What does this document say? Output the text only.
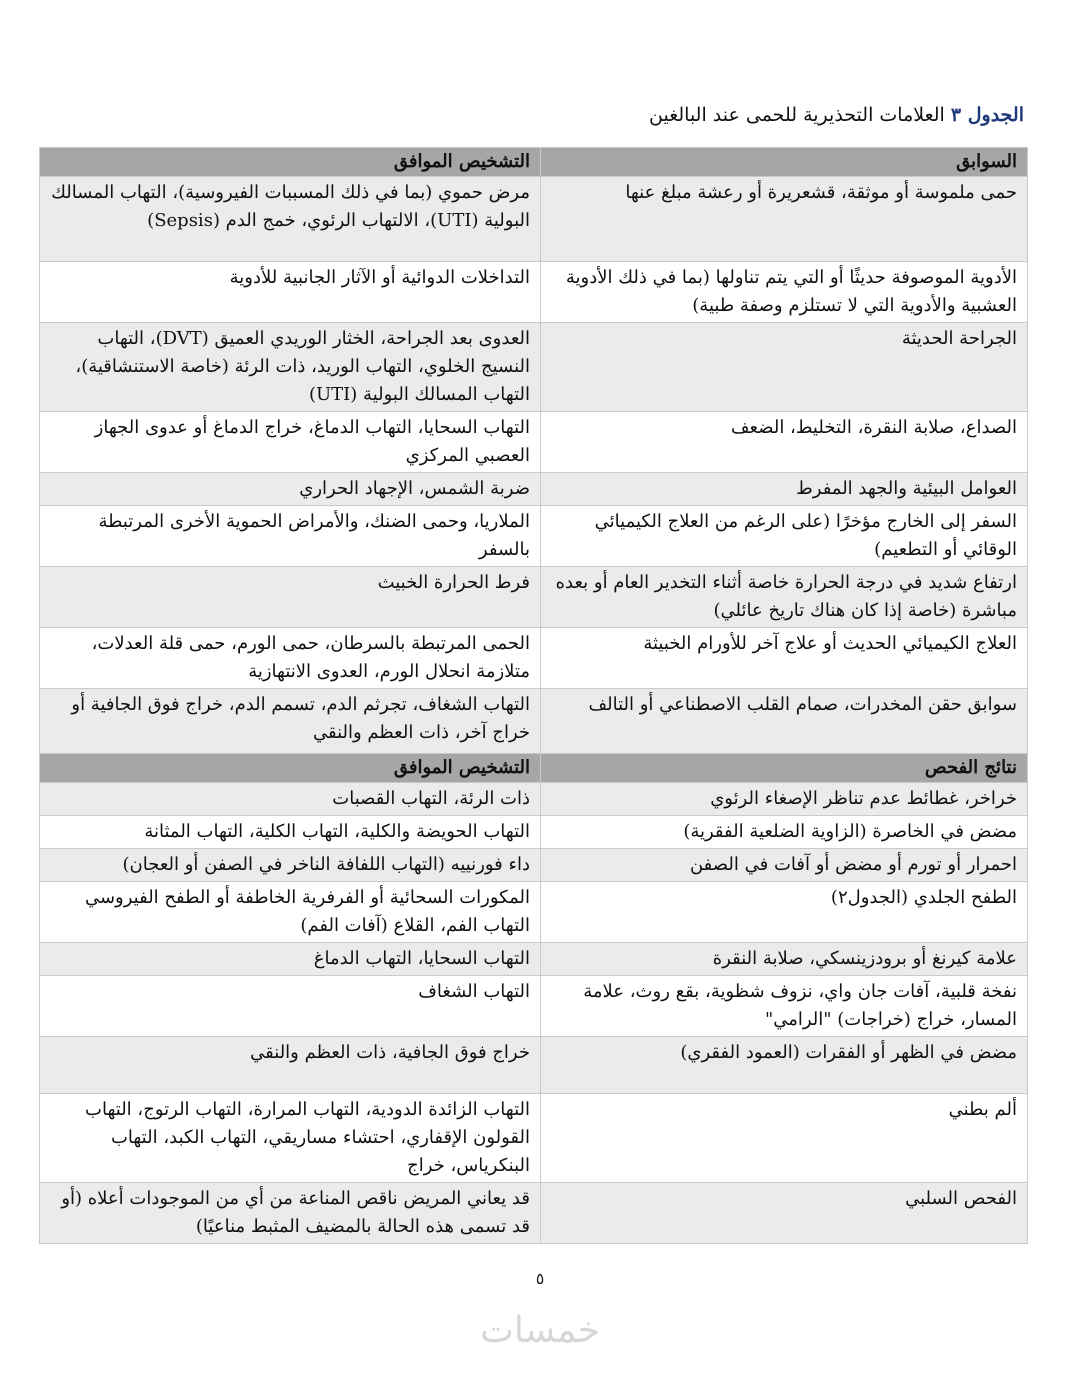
الجدول ٣ العلامات التحذيرية للحمى عند البالغين
السوابق	التشخيص الموافق
حمى ملموسة أو موثقة، قشعريرة أو رعشة مبلغ عنها	مرض حموي (بما في ذلك المسببات الفيروسية)، التهاب المسالك البولية (UTI)، الالتهاب الرئوي، خمج الدم (Sepsis)
الأدوية الموصوفة حديثًا أو التي يتم تناولها (بما في ذلك الأدوية العشبية والأدوية التي لا تستلزم وصفة طبية)	التداخلات الدوائية أو الآثار الجانبية للأدوية
الجراحة الحديثة	العدوى بعد الجراحة، الخثار الوريدي العميق (DVT)، التهاب النسيج الخلوي، التهاب الوريد، ذات الرئة (خاصة الاستنشاقية)، التهاب المسالك البولية (UTI)
الصداع، صلابة النقرة، التخليط، الضعف	التهاب السحايا، التهاب الدماغ، خراج الدماغ أو عدوى الجهاز العصبي المركزي
العوامل البيئية والجهد المفرط	ضربة الشمس، الإجهاد الحراري
السفر إلى الخارج مؤخرًا (على الرغم من العلاج الكيميائي الوقائي أو التطعيم)	الملاريا، وحمى الضنك، والأمراض الحموية الأخرى المرتبطة بالسفر
ارتفاع شديد في درجة الحرارة خاصة أثناء التخدير العام أو بعده مباشرة (خاصة إذا كان هناك تاريخ عائلي)	فرط الحرارة الخبيث
العلاج الكيميائي الحديث أو علاج آخر للأورام الخبيثة	الحمى المرتبطة بالسرطان، حمى الورم، حمى قلة العدلات، متلازمة انحلال الورم، العدوى الانتهازية
سوابق حقن المخدرات، صمام القلب الاصطناعي أو التالف	التهاب الشغاف، تجرثم الدم، تسمم الدم، خراج فوق الجافية أو خراج آخر، ذات العظم والنقي
نتائج الفحص	التشخيص الموافق
خراخر، غطائط عدم تناظر الإصغاء الرئوي	ذات الرئة، التهاب القصبات
مضض في الخاصرة (الزاوية الضلعية الفقرية)	التهاب الحويضة والكلية، التهاب الكلية، التهاب المثانة
احمرار أو تورم أو مضض أو آفات في الصفن	داء فورنييه (التهاب اللفافة الناخر في الصفن أو العجان)
الطفح الجلدي (الجدول٢)	المكورات السحائية أو الفرفرية الخاطفة أو الطفح الفيروسي التهاب الفم، القلاع (آفات الفم)
علامة كيرنغ أو برودزينسكي، صلابة النقرة	التهاب السحايا، التهاب الدماغ
نفخة قلبية، آفات جان واي، نزوف شظوية، بقع روث، علامة المسار، خراج (خراجات) "الرامي"	التهاب الشغاف
مضض في الظهر أو الفقرات (العمود الفقري)	خراج فوق الجافية، ذات العظم والنقي
ألم بطني	التهاب الزائدة الدودية، التهاب المرارة، التهاب الرتوج، التهاب القولون الإقفاري، احتشاء مساريقي، التهاب الكبد، التهاب البنكرياس، خراج
الفحص السلبي	قد يعاني المريض ناقص المناعة من أي من الموجودات أعلاه (أو قد تسمى هذه الحالة بالمضيف المثبط مناعيًا)
٥
خمسات
